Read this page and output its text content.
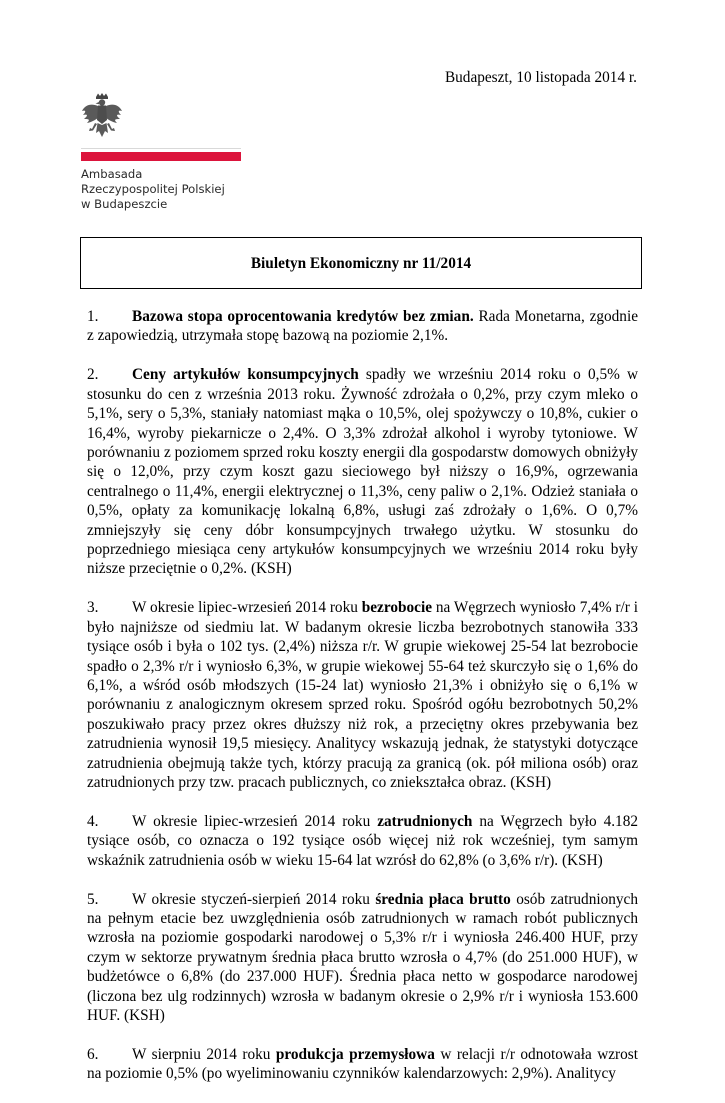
Budapeszt, 10 listopada 2014 r.
Ambasada
Rzeczypospolitej Polskiej
w Budapeszcie
Biuletyn Ekonomiczny nr 11/2014

1. Bazowa stopa oprocentowania kredytów bez zmian. Rada Monetarna, zgodnie z zapowiedzią, utrzymała stopę bazową na poziomie 2,1%.

2. Ceny artykułów konsumpcyjnych spadły we wrześniu 2014 roku o 0,5% w stosunku do cen z września 2013 roku. Żywność zdrożała o 0,2%, przy czym mleko o 5,1%, sery o 5,3%, staniały natomiast mąka o 10,5%, olej spożywczy o 10,8%, cukier o 16,4%, wyroby piekarnicze o 2,4%. O 3,3% zdrożał alkohol i wyroby tytoniowe. W porównaniu z poziomem sprzed roku koszty energii dla gospodarstw domowych obniżyły się o 12,0%, przy czym koszt gazu sieciowego był niższy o 16,9%, ogrzewania centralnego o 11,4%, energii elektrycznej o 11,3%, ceny paliw o 2,1%. Odzież staniała o 0,5%, opłaty za komunikację lokalną 6,8%, usługi zaś zdrożały o 1,6%. O 0,7% zmniejszyły się ceny dóbr konsumpcyjnych trwałego użytku. W stosunku do poprzedniego miesiąca ceny artykułów konsumpcyjnych we wrześniu 2014 roku były niższe przeciętnie o 0,2%. (KSH)

3. W okresie lipiec-wrzesień 2014 roku bezrobocie na Węgrzech wyniosło 7,4% r/r i było najniższe od siedmiu lat. W badanym okresie liczba bezrobotnych stanowiła 333 tysiące osób i była o 102 tys. (2,4%) niższa r/r. W grupie wiekowej 25-54 lat bezrobocie spadło o 2,3% r/r i wyniosło 6,3%, w grupie wiekowej 55-64 też skurczyło się o 1,6% do 6,1%, a wśród osób młodszych (15-24 lat) wyniosło 21,3% i obniżyło się o 6,1% w porównaniu z analogicznym okresem sprzed roku. Spośród ogółu bezrobotnych 50,2% poszukiwało pracy przez okres dłuższy niż rok, a przeciętny okres przebywania bez zatrudnienia wynosił 19,5 miesięcy. Analitycy wskazują jednak, że statystyki dotyczące zatrudnienia obejmują także tych, którzy pracują za granicą (ok. pół miliona osób) oraz zatrudnionych przy tzw. pracach publicznych, co zniekształca obraz. (KSH)

4. W okresie lipiec-wrzesień 2014 roku zatrudnionych na Węgrzech było 4.182 tysiące osób, co oznacza o 192 tysiące osób więcej niż rok wcześniej, tym samym wskaźnik zatrudnienia osób w wieku 15-64 lat wzrósł do 62,8% (o 3,6% r/r). (KSH)

5. W okresie styczeń-sierpień 2014 roku średnia płaca brutto osób zatrudnionych na pełnym etacie bez uwzględnienia osób zatrudnionych w ramach robót publicznych wzrosła na poziomie gospodarki narodowej o 5,3% r/r i wyniosła 246.400 HUF, przy czym w sektorze prywatnym średnia płaca brutto wzrosła o 4,7% (do 251.000 HUF), w budżetówce o 6,8% (do 237.000 HUF). Średnia płaca netto w gospodarce narodowej (liczona bez ulg rodzinnych) wzrosła w badanym okresie o 2,9% r/r i wyniosła 153.600 HUF. (KSH)

6. W sierpniu 2014 roku produkcja przemysłowa w relacji r/r odnotowała wzrost na poziomie 0,5% (po wyeliminowaniu czynników kalendarzowych: 2,9%). Analitycy
